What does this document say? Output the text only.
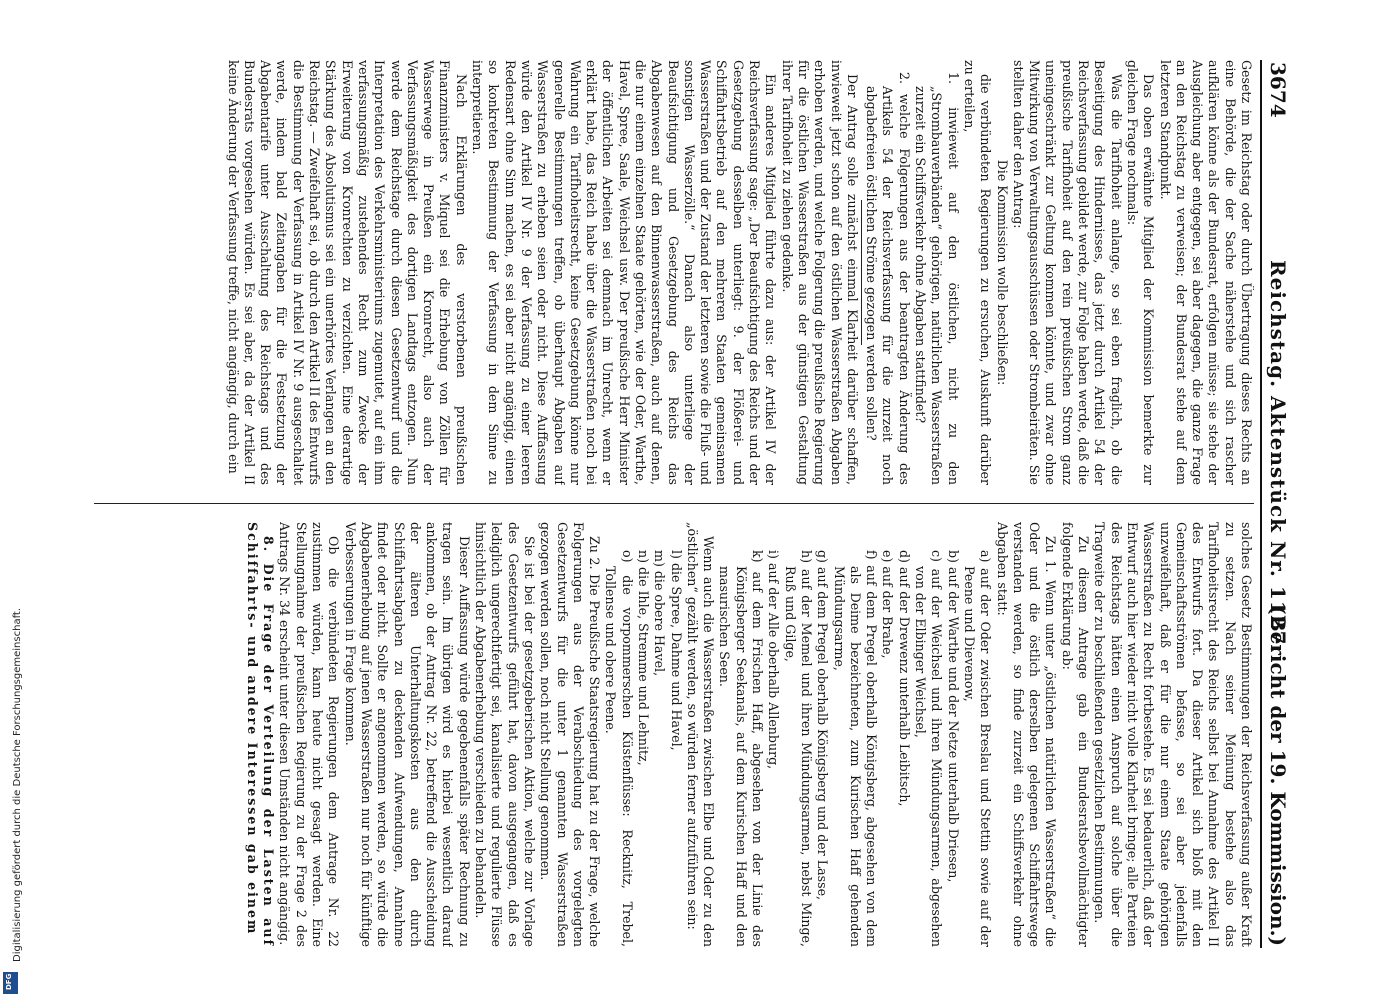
3674
Reichstag. Aktenstück Nr. 1127.
(Bericht der 19. Kommission.)

Gesetz im Reichstag oder durch Übertragung dieses Rechts an eine Behörde, die der Sache näherstehe und sich rascher aufklären könne als der Bundesrat, erfolgen müsse; sie stehe der Ausgleichung aber entgegen, sei aber dagegen, die ganze Frage an den Reichstag zu verweisen; der Bundesrat stehe auf dem letzteren Standpunkt.

Das oben erwähnte Mitglied der Kommission bemerkte zur gleichen Frage nochmals:

Was die Tarifhoheit anlange, so sei eben fraglich, ob die Beseitigung des Hindernisses, das jetzt durch Artikel 54 der Reichsverfassung gebildet werde, zur Folge haben werde, daß die preußische Tarifhoheit auf den rein preußischen Strom ganz uneingeschränkt zur Geltung kommen könnte, und zwar ohne Mitwirkung von Verwaltungsausschüssen oder Strombeiräten. Sie stellten daher den Antrag:

Die Kommission wolle beschließen:

die verbündeten Regierungen zu ersuchen, Auskunft darüber zu erteilen,

1. inwieweit auf den östlichen, nicht zu den „Strombauverbänden“ gehörigen, natürlichen Wasserstraßen zurzeit ein Schiffsverkehr ohne Abgaben stattfindet?

2. welche Folgerungen aus der beantragten Änderung des Artikels 54 der Reichsverfassung für die zurzeit noch abgabefreien östlichen Ströme gezogen werden sollen?

Der Antrag solle zunächst einmal Klarheit darüber schaffen, inwieweit jetzt schon auf den östlichen Wasserstraßen Abgaben erhoben werden, und welche Folgerung die preußische Regierung für die östlichen Wasserstraßen aus der günstigen Gestaltung ihrer Tarifhoheit zu ziehen gedenke.

Ein anderes Mitglied führte dazu aus: der Artikel IV der Reichsverfassung sage: „Der Beaufsichtigung des Reichs und der Gesetzgebung desselben unterliegt: 9. der Flößerei- und Schiffahrtsbetrieb auf den mehreren Staaten gemeinsamen Wasserstraßen und der Zustand der letzteren sowie die Fluß- und sonstigen Wasserzölle.“ Danach also unterliege der Beaufsichtigung und Gesetzgebung des Reichs das Abgabenwesen auf den Binnenwasserstraßen, auch auf denen, die nur einem einzelnen Staate gehörten, wie der Oder, Warthe, Havel, Spree, Saale, Weichsel usw. Der preußische Herr Minister der öffentlichen Arbeiten sei demnach im Unrecht, wenn er erklärt habe, das Reich habe über die Wasserstraßen noch bei Wahrung ein Tarifhoheitsrecht, keine Gesetzgebung könne nur generelle Bestimmungen treffen, ob überhaupt Abgaben auf Wasserstraßen zu erheben seien oder nicht. Diese Auffassung würde den Artikel IV Nr. 9 der Verfassung zu einer leeren Redensart ohne Sinn machen, es sei aber nicht angängig, einen so konkreten Bestimmung der Verfassung in dem Sinne zu interpretieren.

Nach Erklärungen des verstorbenen preußischen Finanzministers v. Miquel sei die Erhebung von Zöllen für Wasserwege in Preußen ein Kronrecht, also auch der Verfassungsmäßigkeit des dortigen Landtags entzogen. Nun werde dem Reichstage durch diesen Gesetzentwurf und die Interpretation des Verkehrsministeriums zugemutet, auf ein ihm verfassungsmäßig zustehendes Recht zum Zwecke der Erweiterung von Kronrechten zu verzichten. Eine derartige Stärkung des Absolutismus sei ein unerhörtes Verlangen an den Reichstag. — Zweifelhaft sei, ob durch den Artikel II des Entwurfs die Bestimmung der Verfassung in Artikel IV Nr. 9 ausgeschaltet werde, indem bald Zeitangaben für die Festsetzung der Abgabentarife unter Ausschaltung des Reichstags und des Bundesrats vorgesehen würden. Es sei aber, da der Artikel II keine Änderung der Verfassung treffe, nicht angängig, durch ein

solches Gesetz Bestimmungen der Reichsverfassung außer Kraft zu setzen. Nach seiner Meinung bestehe also das Tarifhoheitsrecht des Reichs selbst bei Annahme des Artikel II des Entwurfs fort. Da dieser Artikel sich bloß mit den Gemeinschaftsströmen befasse, so sei aber jedenfalls unzweifelhaft, daß er für die nur einem Staate gehörigen Wasserstraßen zu Recht fortbestehe. Es sei bedauerlich, daß der Entwurf auch hier wieder nicht volle Klarheit bringe; alle Parteien des Reichstags hätten einen Anspruch auf solche über die Tragweite der zu beschließenden gesetzlichen Bestimmungen.

Zu diesem Antrage gab ein Bundesratsbevollmächtigter folgende Erklärung ab:

Zu 1. Wenn unter „östlichen natürlichen Wasserstraßen“ die Oder und die östlich derselben gelegenen Schiffahrtswege verstanden werden, so finde zurzeit ein Schiffsverkehr ohne Abgaben statt:

a) auf der Oder zwischen Breslau und Stettin sowie auf der Peene und Dievenow,

b) auf der Warthe und der Netze unterhalb Driesen,

c) auf der Weichsel und ihren Mündungsarmen, abgesehen von der Elbinger Weichsel,

d) auf der Drewenz unterhalb Leibitsch,

e) auf der Brahe,

f) auf dem Pregel oberhalb Königsberg, abgesehen von dem als Deime bezeichneten, zum Kurischen Haff gehenden Mündungsarme,

g) auf dem Pregel oberhalb Königsberg und der Lasse,

h) auf der Memel und ihren Mündungsarmen, nebst Minge, Ruß und Gilge,

i) auf der Alle oberhalb Allenburg,

k) auf dem Frischen Haff, abgesehen von der Linie des Königsberger Seekanals, auf dem Kurischen Haff und den masurischen Seen.

Wenn auch die Wasserstraßen zwischen Elbe und Oder zu den „östlichen“ gezählt werden, so würden ferner aufzuführen sein:

l) die Spree, Dahme und Havel,

m) die obere Havel,

n) die Ihle, Stremme und Lehnitz,

o) die vorpommerschen Küstenflüsse: Recknitz, Trebel, Tollense und obere Peene.

Zu 2. Die Preußische Staatsregierung hat zu der Frage, welche Folgerungen aus der Verabschiedung des vorgelegten Gesetzentwurfs für die unter 1 genannten Wasserstraßen gezogen werden sollen, noch nicht Stellung genommen.

Sie ist bei der gesetzgeberischen Aktion, welche zur Vorlage des Gesetzentwurfs geführt hat, davon ausgegangen, daß es lediglich ungerechtfertigt sei, kanalisierte und regulierte Flüsse hinsichtlich der Abgabenerhebung verschieden zu behandeln.

Dieser Auffassung würde gegebenenfalls später Rechnung zu tragen sein. Im übrigen wird es hierbei wesentlich darauf ankommen, ob der Antrag Nr. 22, betreffend die Ausscheidung der älteren Unterhaltungskosten aus den durch Schiffahrtsabgaben zu deckenden Aufwendungen, Annahme findet oder nicht. Sollte er angenommen werden, so würde die Abgabenerhebung auf jenen Wasserstraßen nur noch für künftige Verbesserungen in Frage kommen.

Ob die verbündeten Regierungen dem Antrage Nr. 22 zustimmen würden, kann heute nicht gesagt werden. Eine Stellungnahme der preußischen Regierung zu der Frage 2 des Antrags Nr. 34 erscheint unter diesen Umständen nicht angängig.

8. Die Frage der Verteilung der Lasten auf Schiffahrts- und andere Interessen gab einem

Digitalisierung gefördert durch die Deutsche Forschungsgemeinschaft.
DFG
